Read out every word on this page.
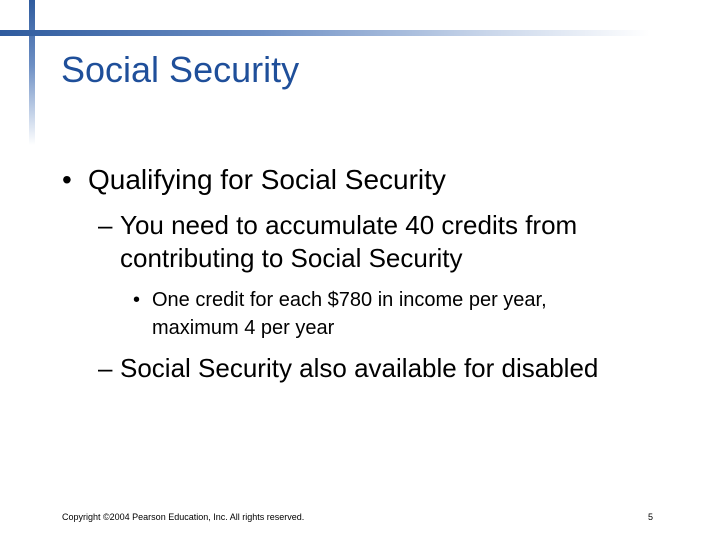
Social Security
• Qualifying for Social Security
– You need to accumulate 40 credits from
contributing to Social Security
• One credit for each $780 in income per year,
maximum 4 per year
– Social Security also available for disabled
Copyright ©2004 Pearson Education, Inc. All rights reserved.	5
